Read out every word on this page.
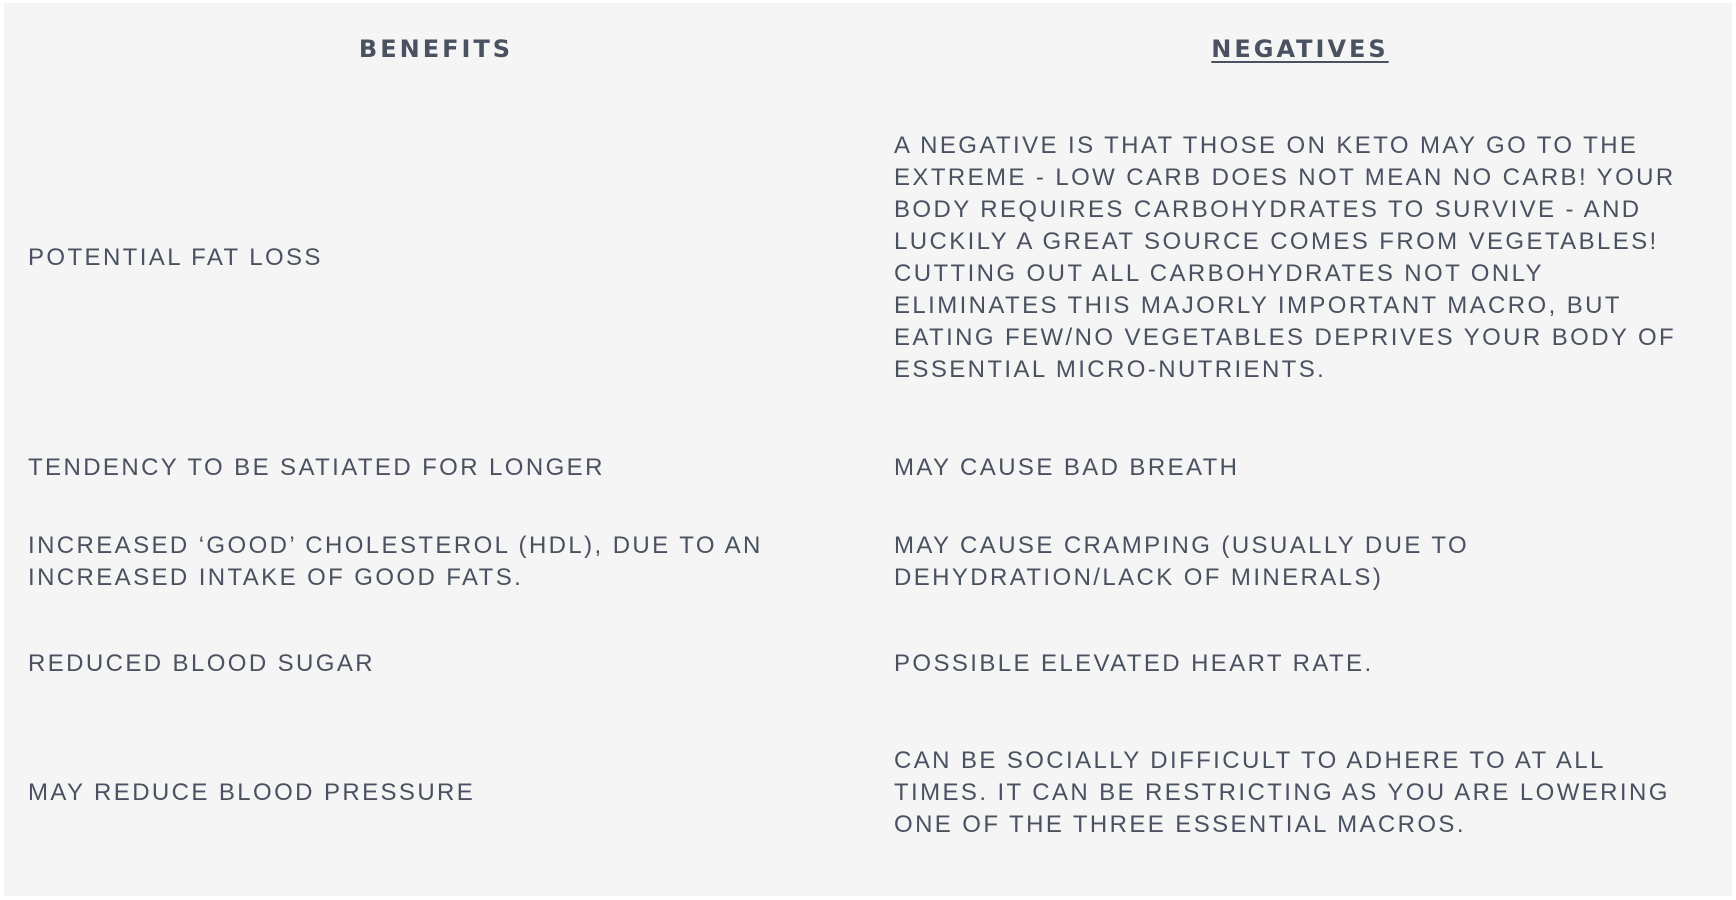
BENEFITS	NEGATIVES
POTENTIAL FAT LOSS	A NEGATIVE IS THAT THOSE ON KETO MAY GO TO THE EXTREME - LOW CARB DOES NOT MEAN NO CARB! YOUR BODY REQUIRES CARBOHYDRATES TO SURVIVE - AND LUCKILY A GREAT SOURCE COMES FROM VEGETABLES! CUTTING OUT ALL CARBOHYDRATES NOT ONLY ELIMINATES THIS MAJORLY IMPORTANT MACRO, BUT EATING FEW/NO VEGETABLES DEPRIVES YOUR BODY OF ESSENTIAL MICRO-NUTRIENTS.
TENDENCY TO BE SATIATED FOR LONGER	MAY CAUSE BAD BREATH
INCREASED ‘GOOD’ CHOLESTEROL (HDL), DUE TO AN INCREASED INTAKE OF GOOD FATS.	MAY CAUSE CRAMPING (USUALLY DUE TO DEHYDRATION/LACK OF MINERALS)
REDUCED BLOOD SUGAR	POSSIBLE ELEVATED HEART RATE.
MAY REDUCE BLOOD PRESSURE	CAN BE SOCIALLY DIFFICULT TO ADHERE TO AT ALL TIMES. IT CAN BE RESTRICTING AS YOU ARE LOWERING ONE OF THE THREE ESSENTIAL MACROS.
